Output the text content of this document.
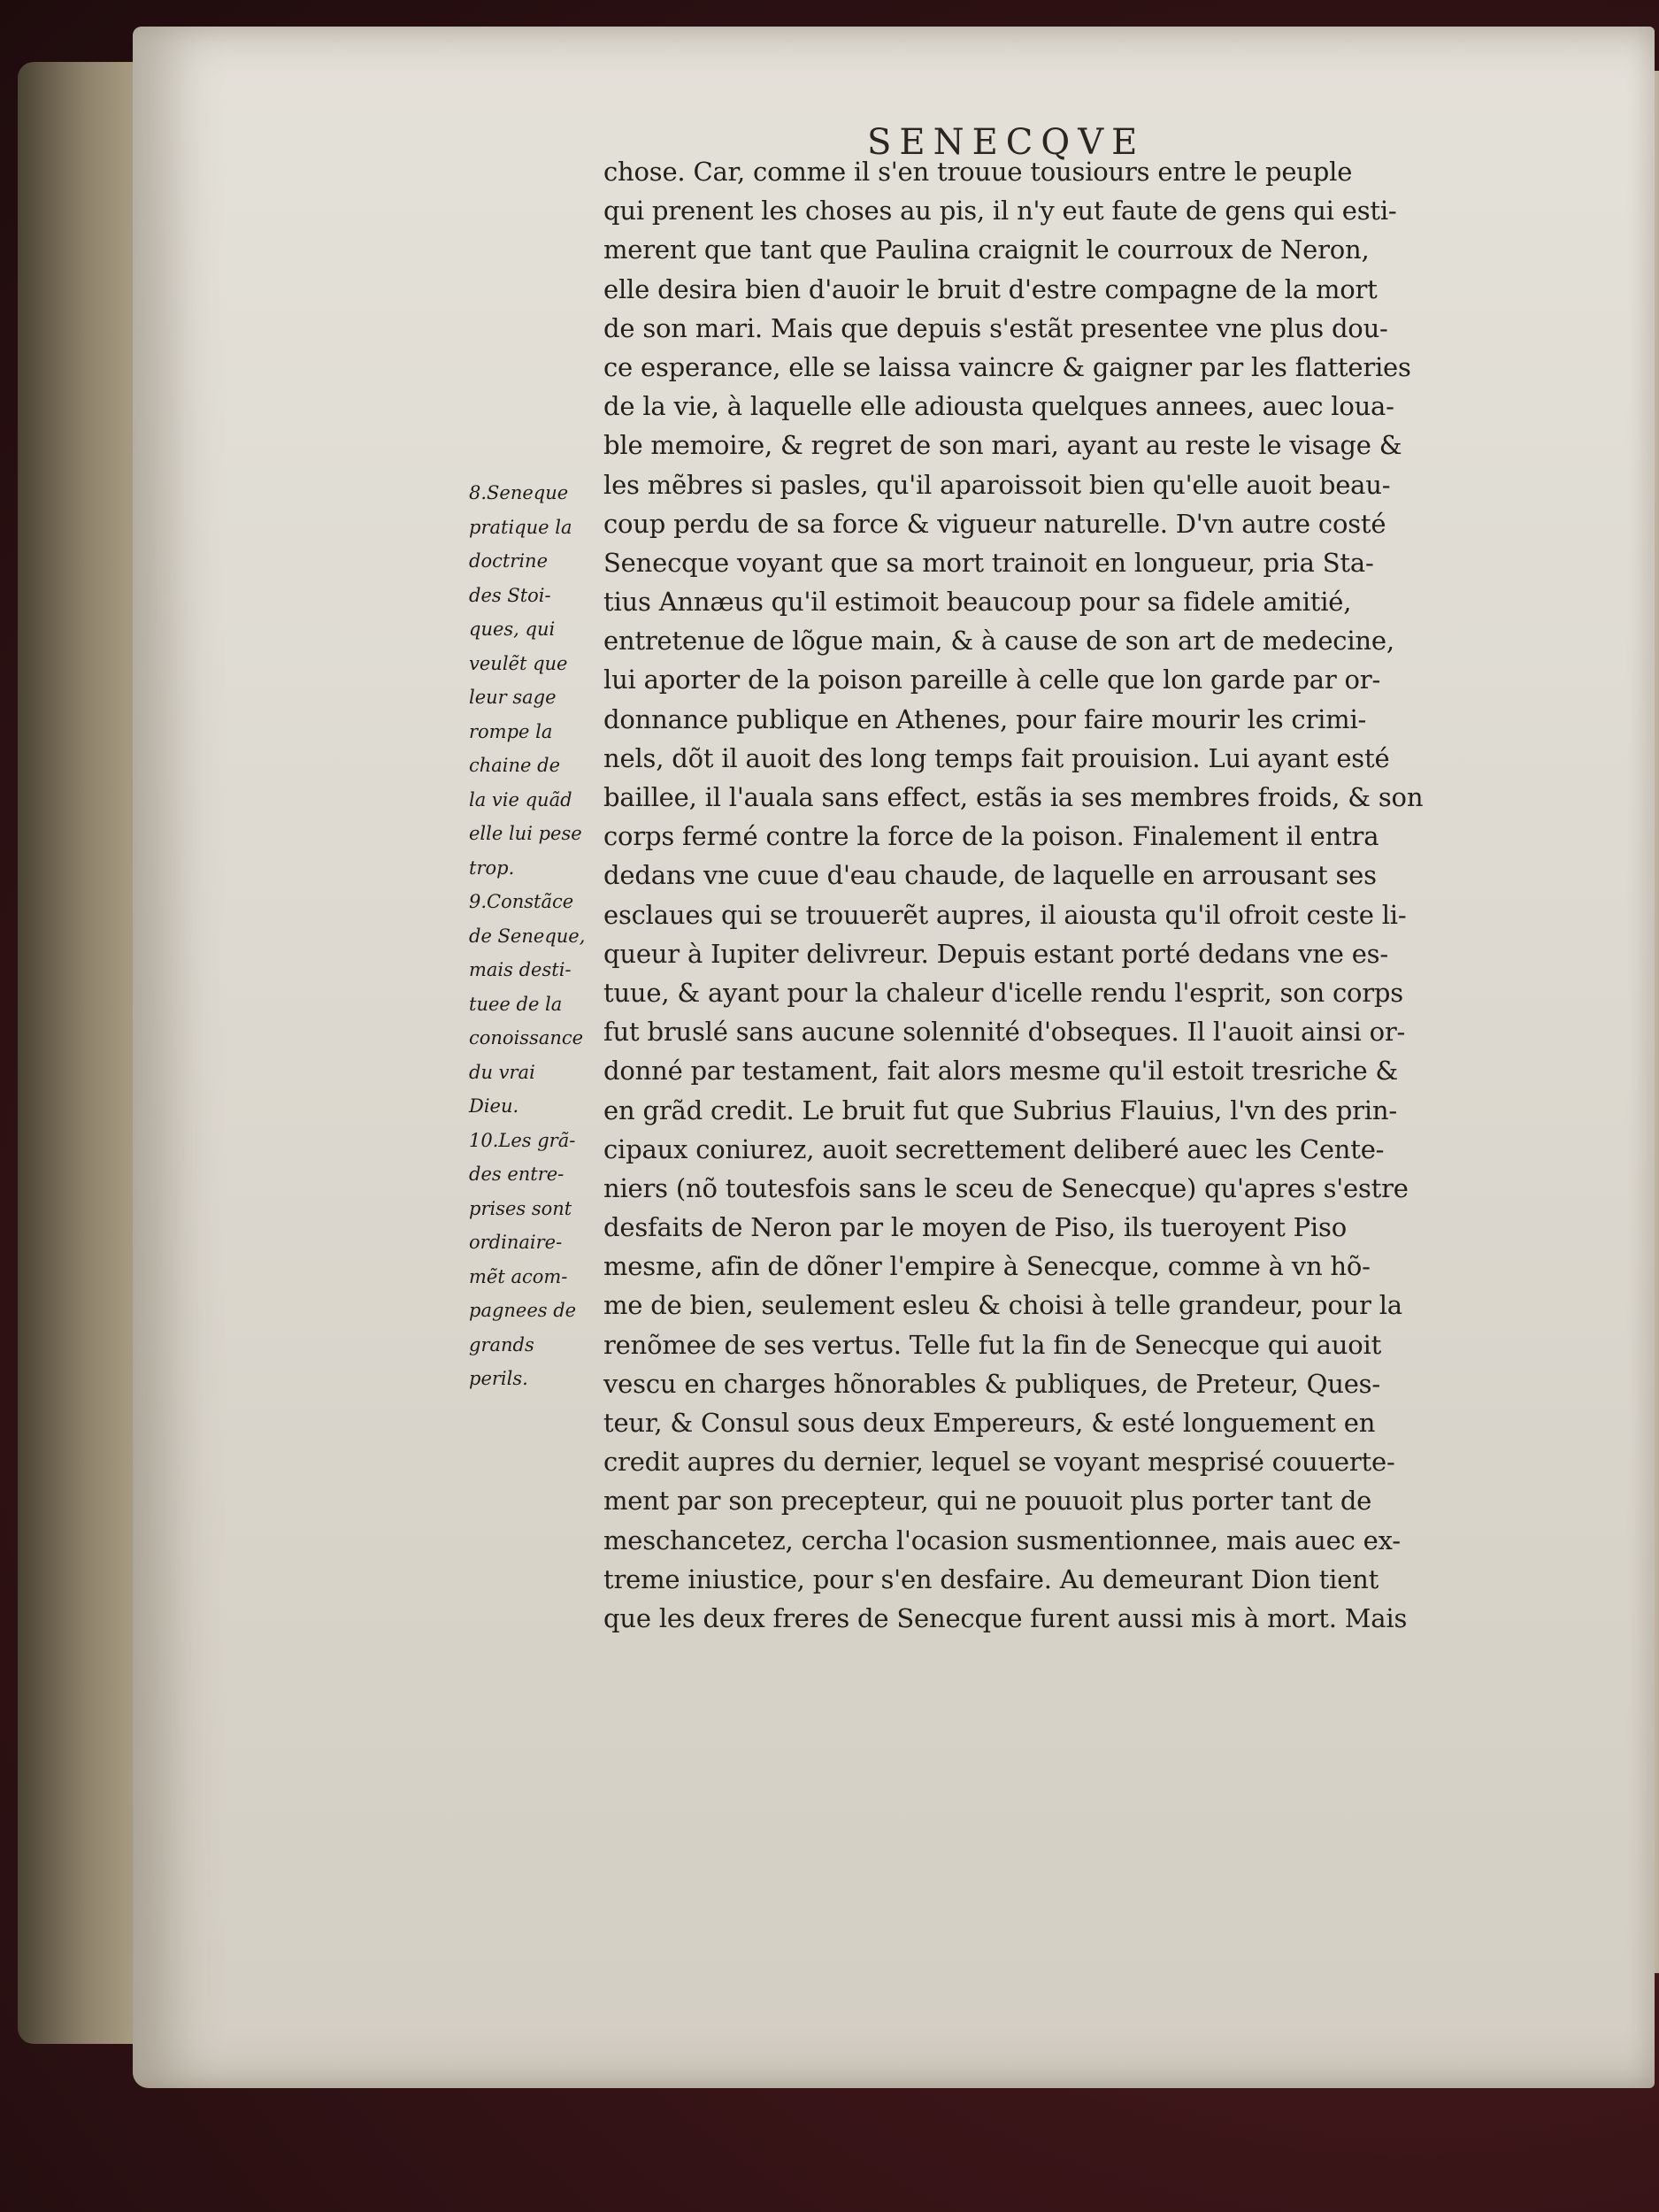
SENECQVE
chose. Car, comme il s'en trouue tousiours entre le peuple
qui prenent les choses au pis, il n'y eut faute de gens qui esti-
merent que tant que Paulina craignit le courroux de Neron,
elle desira bien d'auoir le bruit d'estre compagne de la mort
de son mari. Mais que depuis s'estãt presentee vne plus dou-
ce esperance, elle se laissa vaincre & gaigner par les flatteries
de la vie, à laquelle elle adiousta quelques annees, auec loua-
ble memoire, & regret de son mari, ayant au reste le visage &
les mẽbres si pasles, qu'il aparoissoit bien qu'elle auoit beau-
coup perdu de sa force & vigueur naturelle. D'vn autre costé
Senecque voyant que sa mort trainoit en longueur, pria Sta-
tius Annæus qu'il estimoit beaucoup pour sa fidele amitié,
entretenue de lõgue main, & à cause de son art de medecine,
lui aporter de la poison pareille à celle que lon garde par or-
donnance publique en Athenes, pour faire mourir les crimi-
nels, dõt il auoit des long temps fait prouision. Lui ayant esté
baillee, il l'auala sans effect, estãs ia ses membres froids, & son
corps fermé contre la force de la poison. Finalement il entra
dedans vne cuue d'eau chaude, de laquelle en arrousant ses
esclaues qui se trouuerẽt aupres, il aiousta qu'il ofroit ceste li-
queur à Iupiter delivreur. Depuis estant porté dedans vne es-
tuue, & ayant pour la chaleur d'icelle rendu l'esprit, son corps
fut bruslé sans aucune solennité d'obseques. Il l'auoit ainsi or-
donné par testament, fait alors mesme qu'il estoit tresriche &
en grãd credit. Le bruit fut que Subrius Flauius, l'vn des prin-
cipaux coniurez, auoit secrettement deliberé auec les Cente-
niers (nõ toutesfois sans le sceu de Senecque) qu'apres s'estre
desfaits de Neron par le moyen de Piso, ils tueroyent Piso
mesme, afin de dõner l'empire à Senecque, comme à vn hõ-
me de bien, seulement esleu & choisi à telle grandeur, pour la
renõmee de ses vertus. Telle fut la fin de Senecque qui auoit
vescu en charges hõnorables & publiques, de Preteur, Ques-
teur, & Consul sous deux Empereurs, & esté longuement en
credit aupres du dernier, lequel se voyant mesprisé couuerte-
ment par son precepteur, qui ne pouuoit plus porter tant de
meschancetez, cercha l'ocasion susmentionnee, mais auec ex-
treme iniustice, pour s'en desfaire. Au demeurant Dion tient
que les deux freres de Senecque furent aussi mis à mort. Mais
8.Seneque
pratique la
doctrine
des Stoi-
ques, qui
veulẽt que
leur sage
rompe la
chaine de
la vie quãd
elle lui pese
trop.
9.Constãce
de Seneque,
mais desti-
tuee de la
conoissance
du vrai
Dieu.
10.Les grã-
des entre-
prises sont
ordinaire-
mẽt acom-
pagnees de
grands
perils.
